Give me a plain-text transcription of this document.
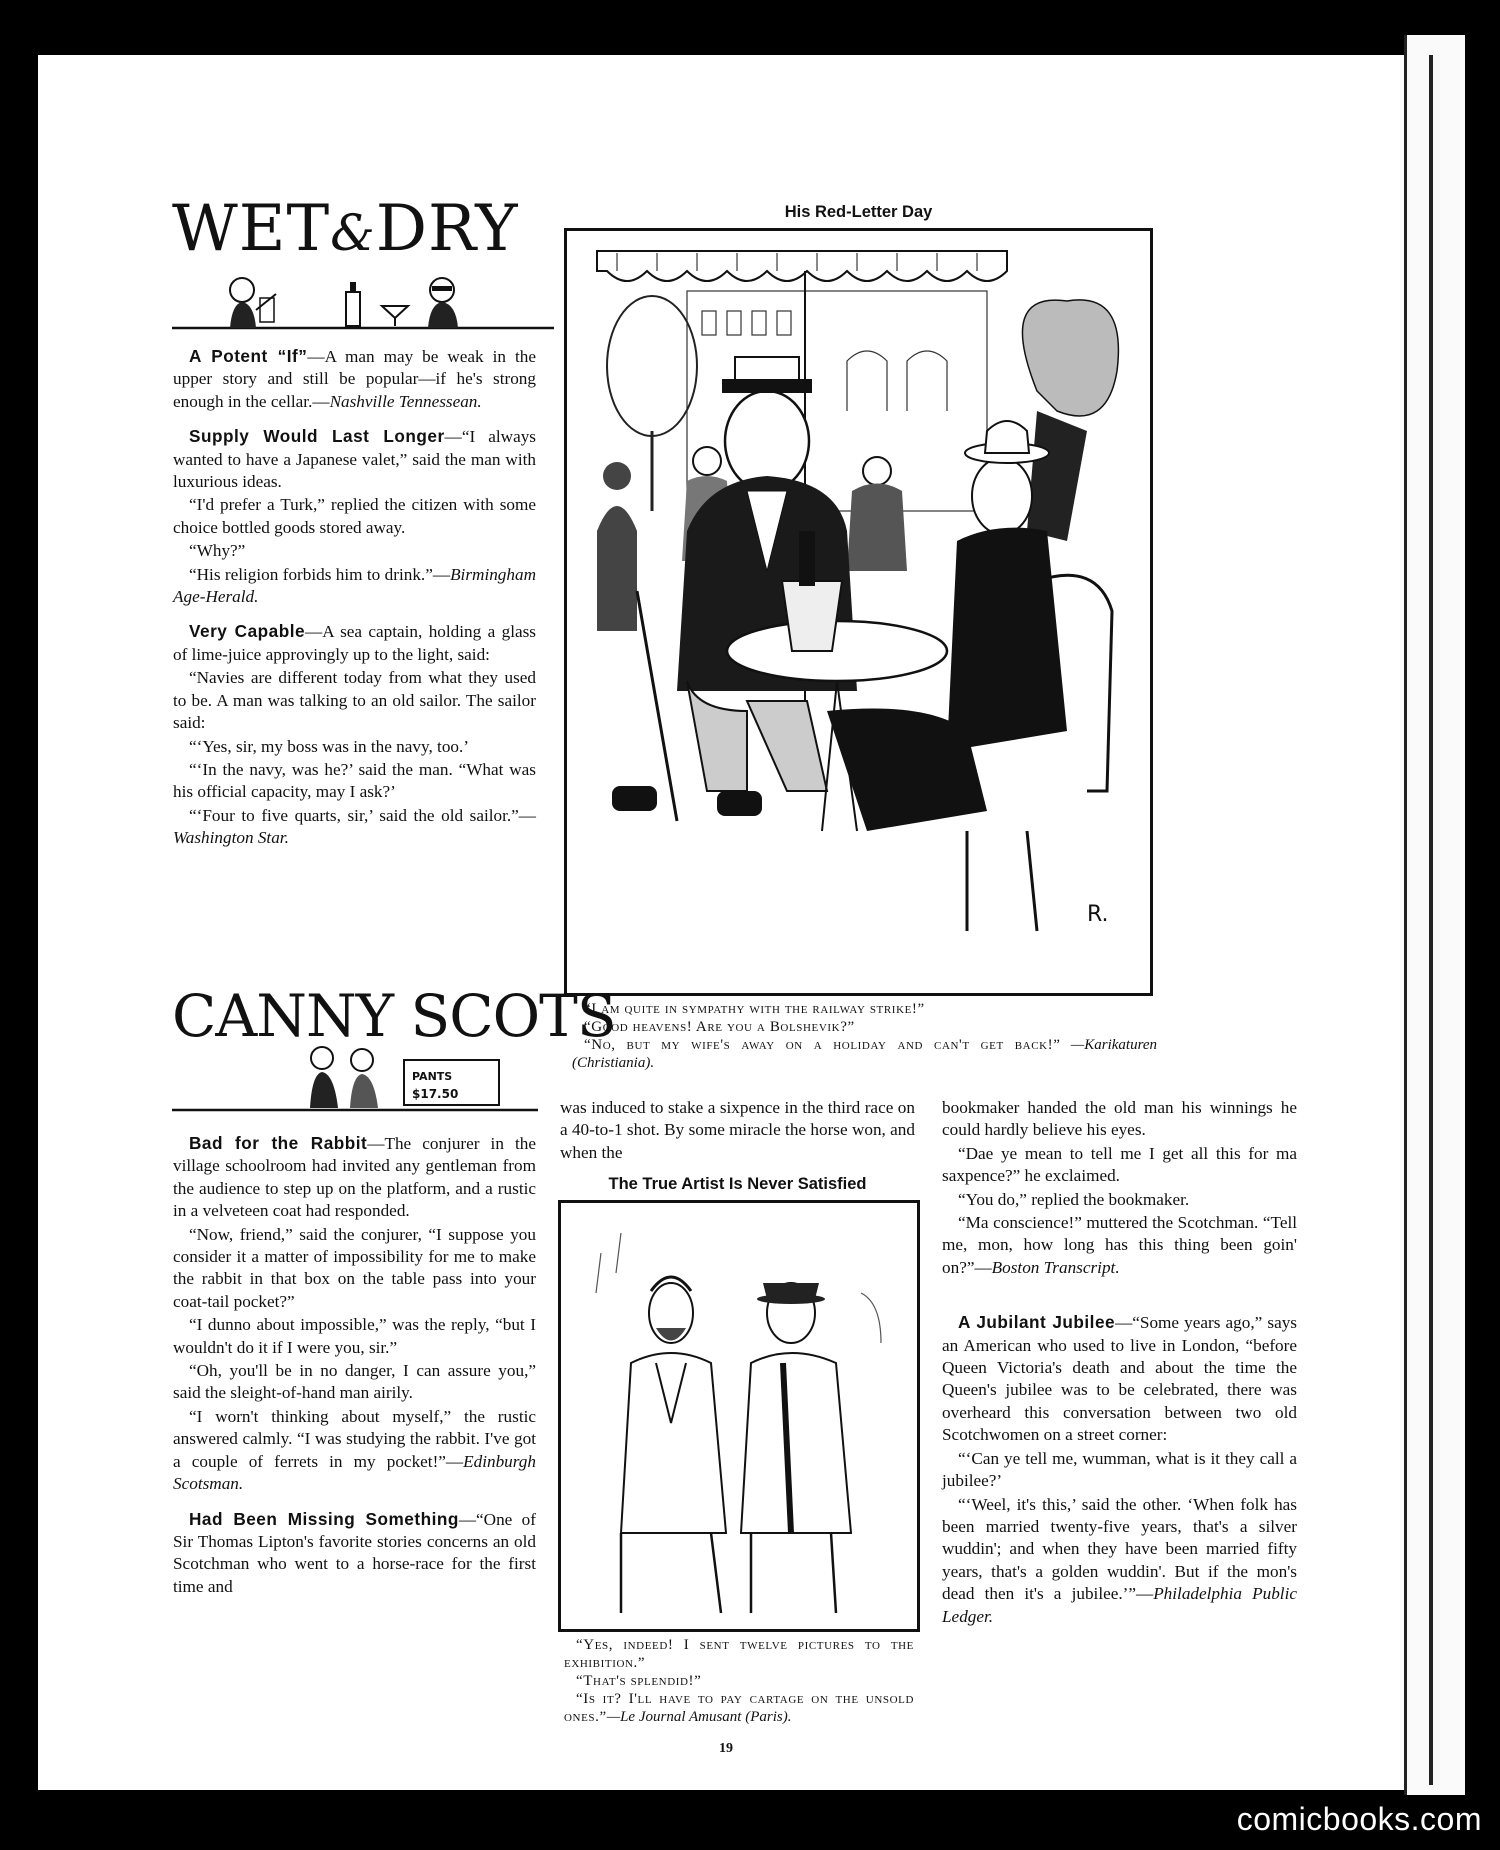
WET&DRY

A Potent “If”—A man may be weak in the upper story and still be popular—if he's strong enough in the cellar.—Nashville Tennessean.

Supply Would Last Longer—“I always wanted to have a Japanese valet,” said the man with luxurious ideas.

“I'd prefer a Turk,” replied the citizen with some choice bottled goods stored away.

“Why?”

“His religion forbids him to drink.”—Birmingham Age-Herald.

Very Capable—A sea captain, holding a glass of lime-juice approvingly up to the light, said:

“Navies are different today from what they used to be. A man was talking to an old sailor. The sailor said:

“‘Yes, sir, my boss was in the navy, too.’

“‘In the navy, was he?’ said the man. “What was his official capacity, may I ask?’

“‘Four to five quarts, sir,’ said the old sailor.”—Washington Star.

His Red-Letter Day
R.

“I am quite in sympathy with the railway strike!”

“Good heavens! Are you a Bolshevik?”

“No, but my wife's away on a holiday and can't get back!” —Karikaturen (Christiania).

CANNY SCOTS
PANTS
$17.50

Bad for the Rabbit—The conjurer in the village schoolroom had invited any gentleman from the audience to step up on the platform, and a rustic in a velveteen coat had responded.

“Now, friend,” said the conjurer, “I suppose you consider it a matter of impossibility for me to make the rabbit in that box on the table pass into your coat-tail pocket?”

“I dunno about impossible,” was the reply, “but I wouldn't do it if I were you, sir.”

“Oh, you'll be in no danger, I can assure you,” said the sleight-of-hand man airily.

“I worn't thinking about myself,” the rustic answered calmly. “I was studying the rabbit. I've got a couple of ferrets in my pocket!”—Edinburgh Scotsman.

Had Been Missing Something—“One of Sir Thomas Lipton's favorite stories concerns an old Scotchman who went to a horse-race for the first time and

was induced to stake a sixpence in the third race on a 40-to-1 shot. By some miracle the horse won, and when the

The True Artist Is Never Satisfied

“Yes, indeed! I sent twelve pictures to the exhibition.”

“That's splendid!”

“Is it? I'll have to pay cartage on the unsold ones.”—Le Journal Amusant (Paris).

bookmaker handed the old man his winnings he could hardly believe his eyes.

“Dae ye mean to tell me I get all this for ma saxpence?” he exclaimed.

“You do,” replied the bookmaker.

“Ma conscience!” muttered the Scotchman. “Tell me, mon, how long has this thing been goin' on?”—Boston Transcript.

A Jubilant Jubilee—“Some years ago,” says an American who used to live in London, “before Queen Victoria's death and about the time the Queen's jubilee was to be celebrated, there was overheard this conversation between two old Scotchwomen on a street corner:

“‘Can ye tell me, wumman, what is it they call a jubilee?’

“‘Weel, it's this,’ said the other. ‘When folk has been married twenty-five years, that's a silver wuddin'; and when they have been married fifty years, that's a golden wuddin'. But if the mon's dead then it's a jubilee.’”—Philadelphia Public Ledger.

19
comicbooks.com
